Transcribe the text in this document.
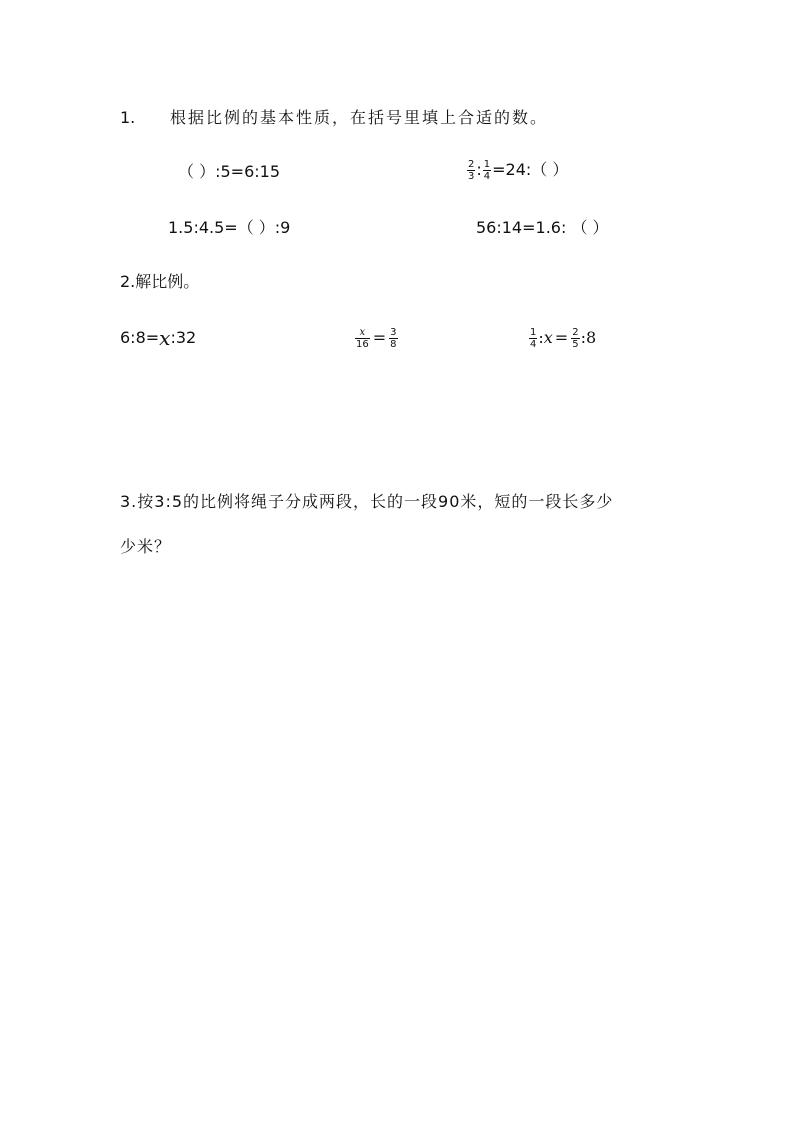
1. 根据比例的基本性质，在括号里填上合适的数。
（ ）:5=6:15	$\frac{2}{3}$ : $\frac{1}{4}$ =24:（ ）
1.5:4.5=（ ）:9	56:14=1.6: （ ）
2.解比例。
6:8= x :32	$\frac{x}{16} = \frac{3}{8}$	$\frac{1}{4}$ : $x = \frac{2}{5}$ :8
3.按3:5的比例将绳子分成两段，长的一段90米，短的一段长多少
少米？
